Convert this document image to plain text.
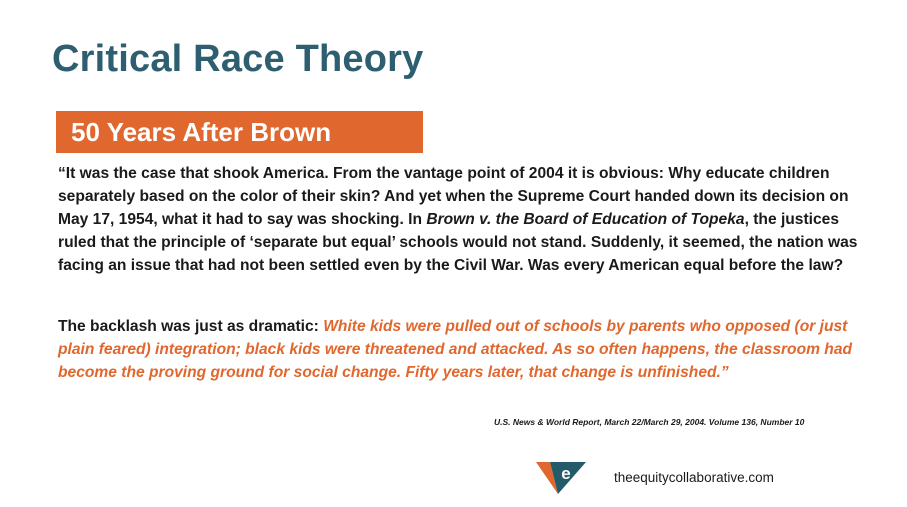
Critical Race Theory
50 Years After Brown

“It was the case that shook America. From the vantage point of 2004 it is obvious: Why educate children separately based on the color of their skin? And yet when the Supreme Court handed down its decision on May 17, 1954, what it had to say was shocking. In Brown v. the Board of Education of Topeka, the justices ruled that the principle of ‘separate but equal’ schools would not stand. Suddenly, it seemed, the nation was facing an issue that had not been settled even by the Civil War. Was every American equal before the law?

The backlash was just as dramatic: White kids were pulled out of schools by parents who opposed (or just plain feared) integration; black kids were threatened and attacked. As so often happens, the classroom had become the proving ground for social change. Fifty years later, that change is unfinished.”

U.S. News & World Report, March 22/March 29, 2004. Volume 136, Number 10
e	theequitycollaborative.com
